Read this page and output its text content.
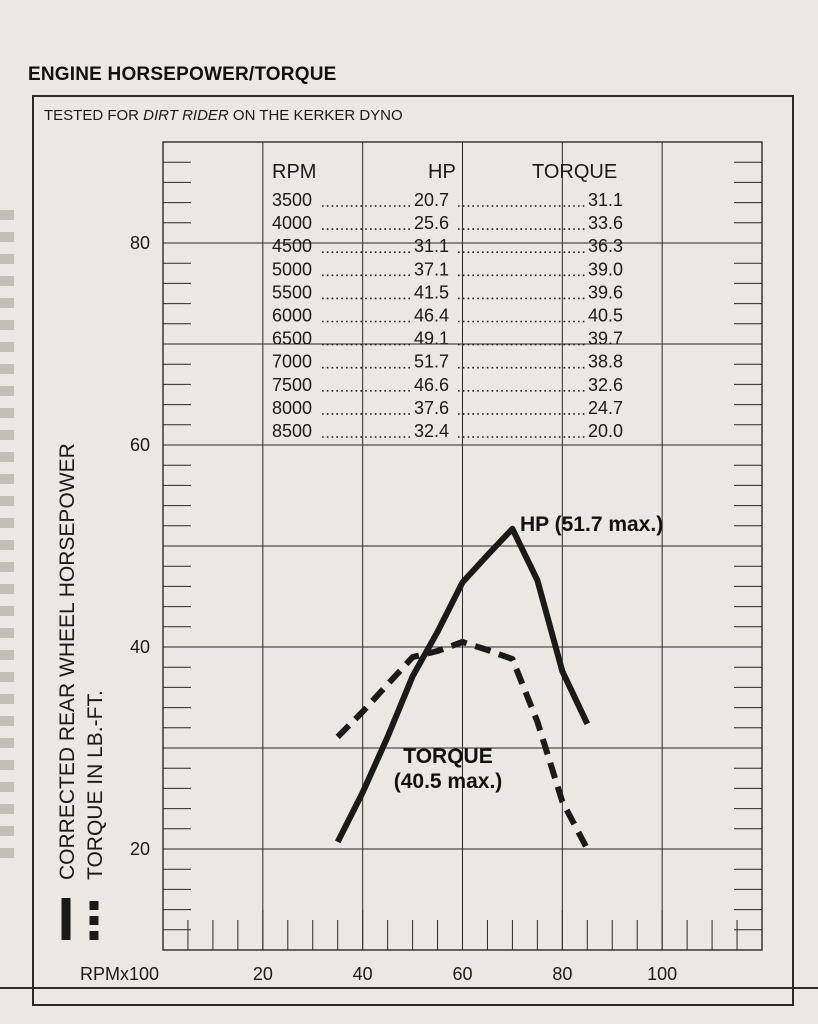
ENGINE HORSEPOWER/TORQUE
20	40	60	80	100
20
40
60
80
TESTED FOR DIRT RIDER ON THE KERKER DYNO
RPMx100
CORRECTED REAR WHEEL HORSEPOWER TORQUE IN LB.-FT.
RPM	HP	TORQUE
3500	20.7	31.1
4000	25.6	33.6
4500	31.1	36.3
5000	37.1	39.0
5500	41.5	39.6
6000	46.4	40.5
6500	49.1	39.7
7000	51.7	38.8
7500	46.6	32.6
8000	37.6	24.7
8500	32.4	20.0
HP (51.7 max.)
TORQUE
(40.5 max.)
